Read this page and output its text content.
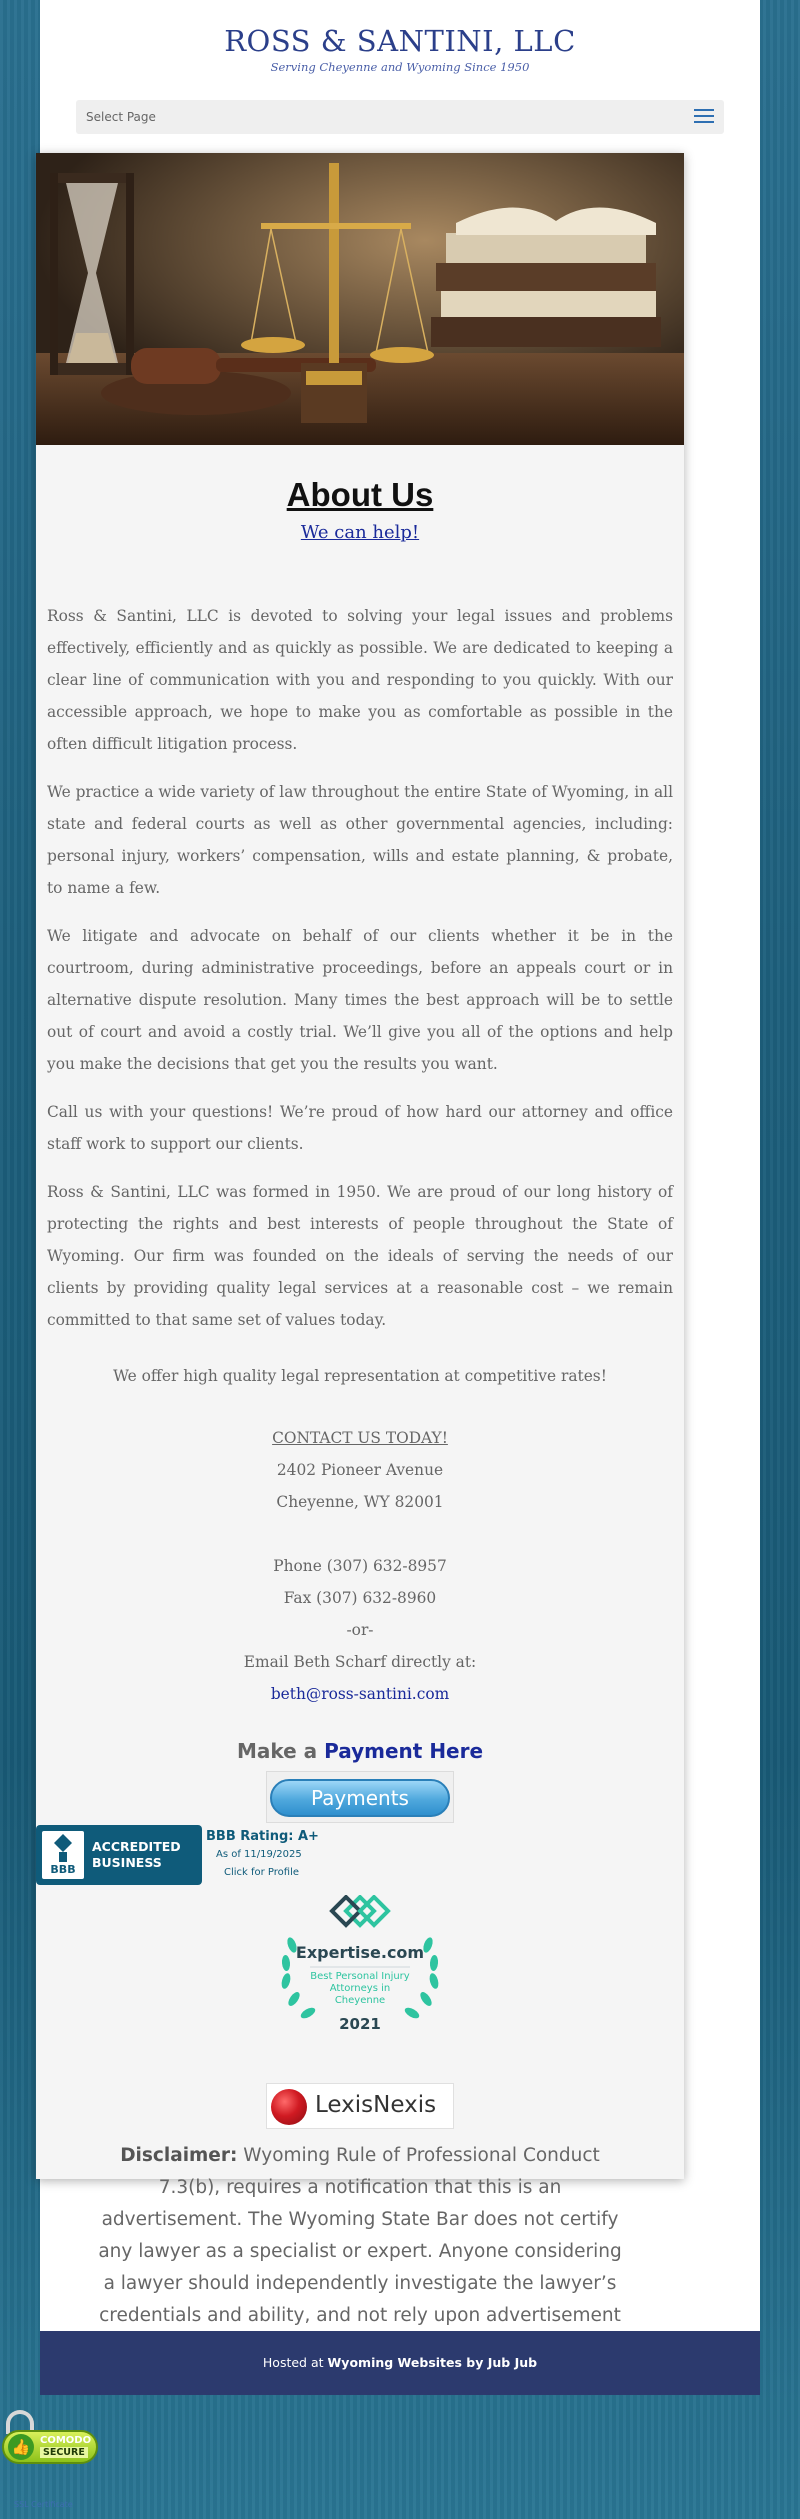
ROSS & SANTINI, LLC
Serving Cheyenne and Wyoming Since 1950
Select Page
About Us
We can help!

Ross & Santini, LLC is devoted to solving your legal issues and problems effectively, efficiently and as quickly as possible. We are dedicated to keeping a clear line of communication with you and responding to you quickly. With our accessible approach, we hope to make you as comfortable as possible in the often difficult litigation process.

We practice a wide variety of law throughout the entire State of Wyoming, in all state and federal courts as well as other governmental agencies, including: personal injury, workers’ compensation, wills and estate planning, & probate, to name a few.

We litigate and advocate on behalf of our clients whether it be in the courtroom, during administrative proceedings, before an appeals court or in alternative dispute resolution. Many times the best approach will be to settle out of court and avoid a costly trial. We’ll give you all of the options and help you make the decisions that get you the results you want.

Call us with your questions! We’re proud of how hard our attorney and office staff work to support our clients.

Ross & Santini, LLC was formed in 1950. We are proud of our long history of protecting the rights and best interests of people throughout the State of Wyoming. Our firm was founded on the ideals of serving the needs of our clients by providing quality legal services at a reasonable cost – we remain committed to that same set of values today.

We offer high quality legal representation at competitive rates!
CONTACT US TODAY!
2402 Pioneer Avenue
Cheyenne, WY 82001
Phone (307) 632-8957
Fax (307) 632-8960
-or-
Email Beth Scharf directly at:
beth@ross-santini.com
Make a Payment Here
Payments
BBB
ACCREDITED
BUSINESS
BBB Rating: A+
As of 11/19/2025
Click for Profile
Expertise.com
Best Personal Injury
Attorneys in
Cheyenne
2021
LexisNexis
Disclaimer: Wyoming Rule of Professional Conduct 7.3(b), requires a notification that this is an advertisement. The Wyoming State Bar does not certify any lawyer as a specialist or expert. Anyone considering a lawyer should independently investigate the lawyer’s credentials and ability, and not rely upon advertisement
Hosted at Wyoming Websites by Jub Jub
👍 COMODO
SECURE
SSL Certificate
